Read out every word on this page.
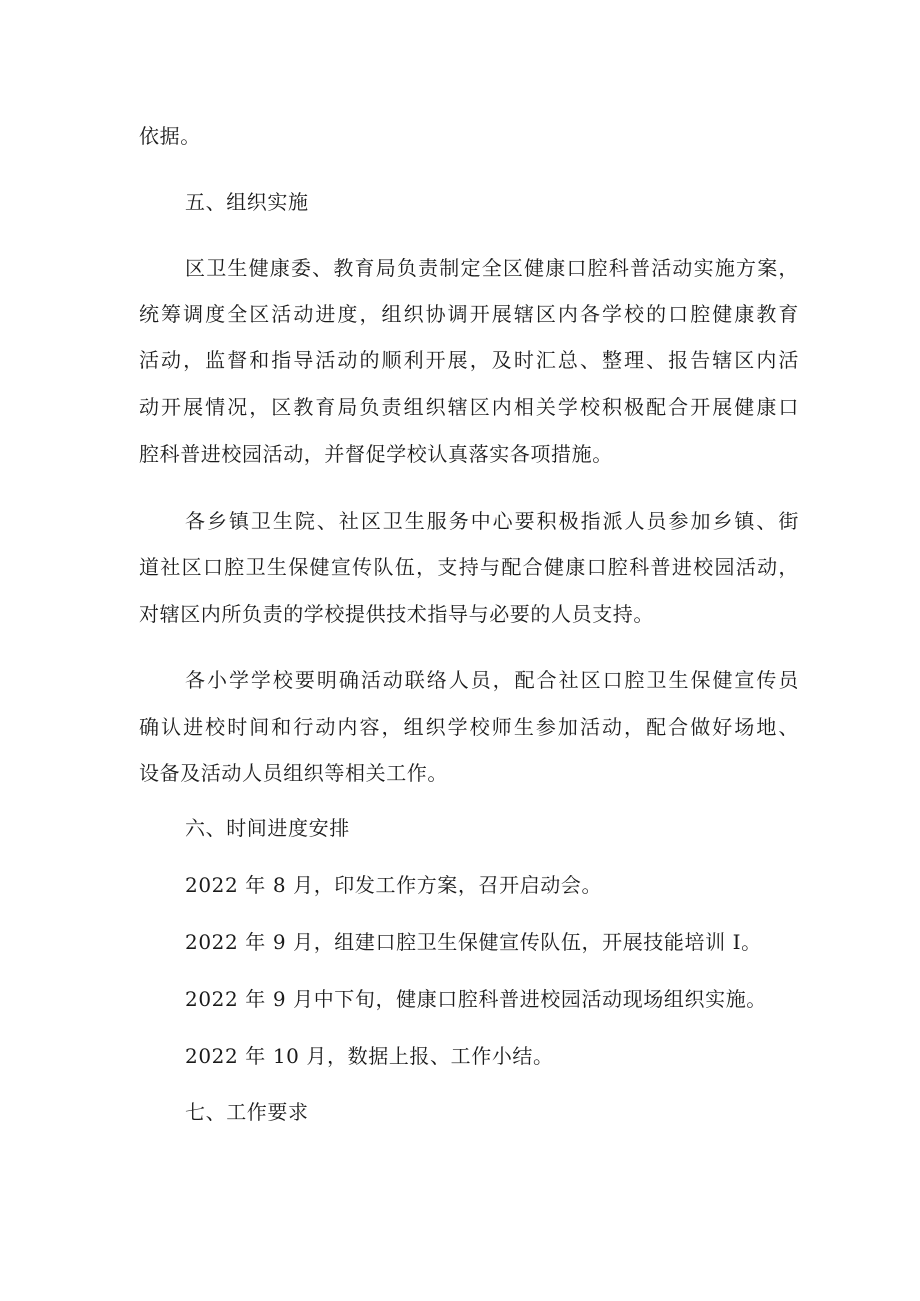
依据。
五、组织实施
区卫生健康委、教育局负责制定全区健康口腔科普活动实施方案，
统筹调度全区活动进度，组织协调开展辖区内各学校的口腔健康教育
活动，监督和指导活动的顺利开展，及时汇总、整理、报告辖区内活
动开展情况，区教育局负责组织辖区内相关学校积极配合开展健康口
腔科普进校园活动，并督促学校认真落实各项措施。
各乡镇卫生院、社区卫生服务中心要积极指派人员参加乡镇、街
道社区口腔卫生保健宣传队伍，支持与配合健康口腔科普进校园活动，
对辖区内所负责的学校提供技术指导与必要的人员支持。
各小学学校要明确活动联络人员，配合社区口腔卫生保健宣传员
确认进校时间和行动内容，组织学校师生参加活动，配合做好场地、
设备及活动人员组织等相关工作。
六、时间进度安排
2022 年 8 月，印发工作方案，召开启动会。
2022 年 9 月，组建口腔卫生保健宣传队伍，开展技能培训 I。
2022 年 9 月中下旬，健康口腔科普进校园活动现场组织实施。
2022 年 10 月，数据上报、工作小结。
七、工作要求
